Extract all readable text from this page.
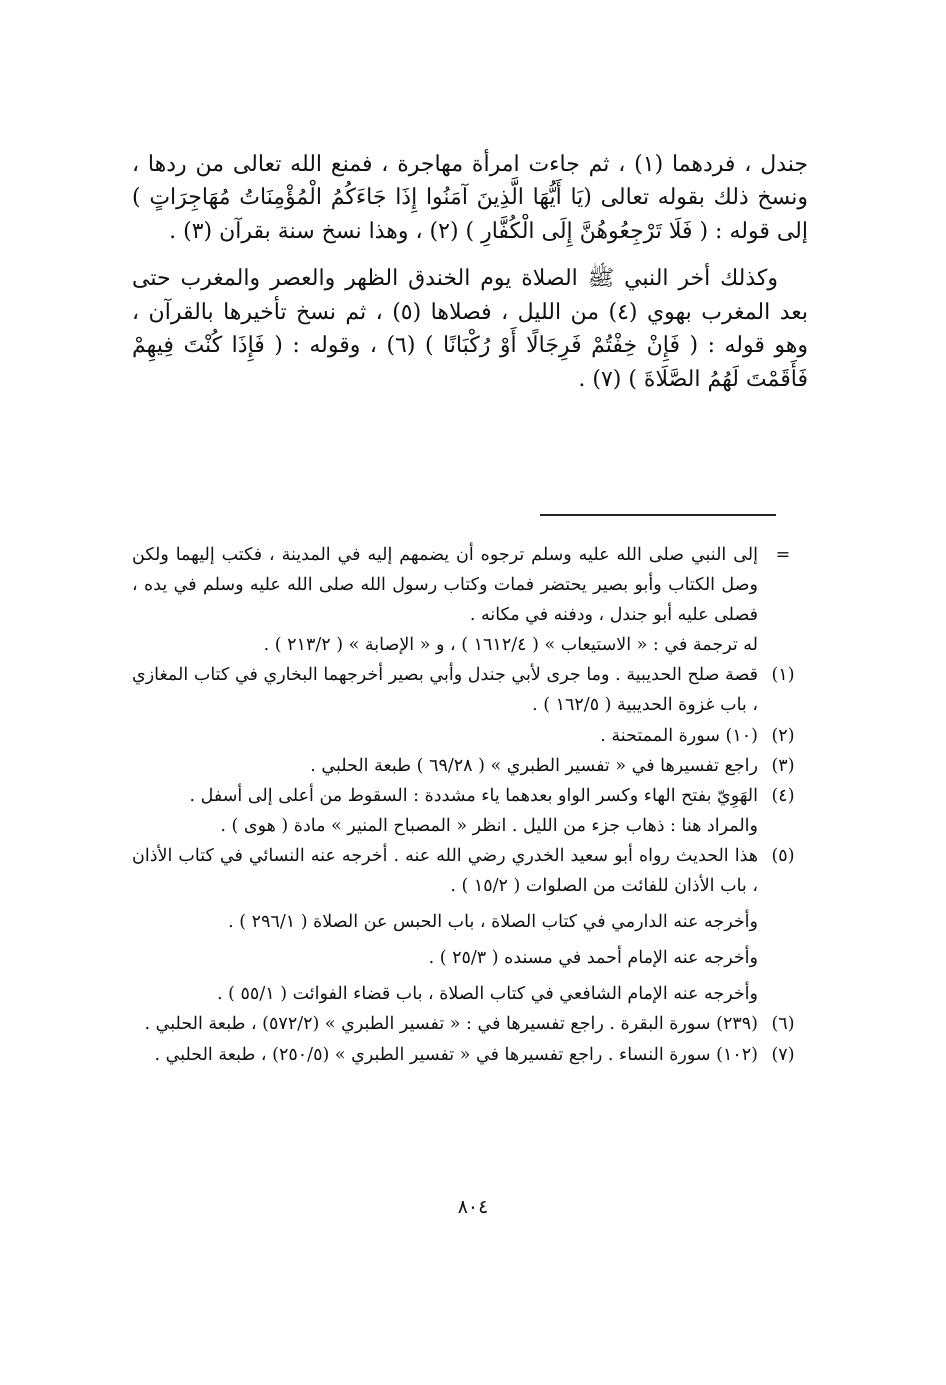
جندل ، فردهما (١) ، ثم جاءت امرأة مهاجرة ، فمنع الله تعالى من ردها ، ونسخ ذلك بقوله تعالى (يَا أَيُّهَا الَّذِينَ آمَنُوا إِذَا جَاءَكُمُ الْمُؤْمِنَاتُ مُهَاجِرَاتٍ ) إلى قوله : ( فَلَا تَرْجِعُوهُنَّ إِلَى الْكُفَّارِ ) (٢) ، وهذا نسخ سنة بقرآن (٣) .

وكذلك أخر النبي ﷺ الصلاة يوم الخندق الظهر والعصر والمغرب حتى بعد المغرب بهوي (٤) من الليل ، فصلاها (٥) ، ثم نسخ تأخيرها بالقرآن ، وهو قوله : ( فَإِنْ خِفْتُمْ فَرِجَالًا أَوْ رُكْبَانًا ) (٦) ، وقوله : ( فَإِذَا كُنْتَ فِيهِمْ فَأَقَمْتَ لَهُمُ الصَّلَاةَ ) (٧) .

=

إلى النبي صلى الله عليه وسلم ترجوه أن يضمهم إليه في المدينة ، فكتب إليهما ولكن وصل الكتاب وأبو بصير يحتضر فمات وكتاب رسول الله صلى الله عليه وسلم في يده ، فصلى عليه أبو جندل ، ودفنه في مكانه .

له ترجمة في : « الاستيعاب » ( ١٦١٢/٤ ) ، و « الإصابة » ( ٢١٣/٢ ) .

(١)

قصة صلح الحديبية . وما جرى لأبي جندل وأبي بصير أخرجهما البخاري في كتاب المغازي ، باب غزوة الحديبية ( ١٦٢/٥ ) .

(٢)

(١٠) سورة الممتحنة .

(٣)

راجع تفسيرها في « تفسير الطبري » ( ٦٩/٢٨ ) طبعة الحلبي .

(٤)

الهَوِيّ بفتح الهاء وكسر الواو بعدهما ياء مشددة : السقوط من أعلى إلى أسفل .

والمراد هنا : ذهاب جزء من الليل . انظر « المصباح المنير » مادة ( هوى ) .

(٥)

هذا الحديث رواه أبو سعيد الخدري رضي الله عنه . أخرجه عنه النسائي في كتاب الأذان ، باب الأذان للفائت من الصلوات ( ١٥/٢ ) .

وأخرجه عنه الدارمي في كتاب الصلاة ، باب الحبس عن الصلاة ( ٢٩٦/١ ) .

وأخرجه عنه الإمام أحمد في مسنده ( ٢٥/٣ ) .

وأخرجه عنه الإمام الشافعي في كتاب الصلاة ، باب قضاء الفوائت ( ٥٥/١ ) .

(٦)

(٢٣٩) سورة البقرة . راجع تفسيرها في : « تفسير الطبري » (٥٧٢/٢) ، طبعة الحلبي .

(٧)

(١٠٢) سورة النساء . راجع تفسيرها في « تفسير الطبري » (٢٥٠/٥) ، طبعة الحلبي .

٨٠٤
